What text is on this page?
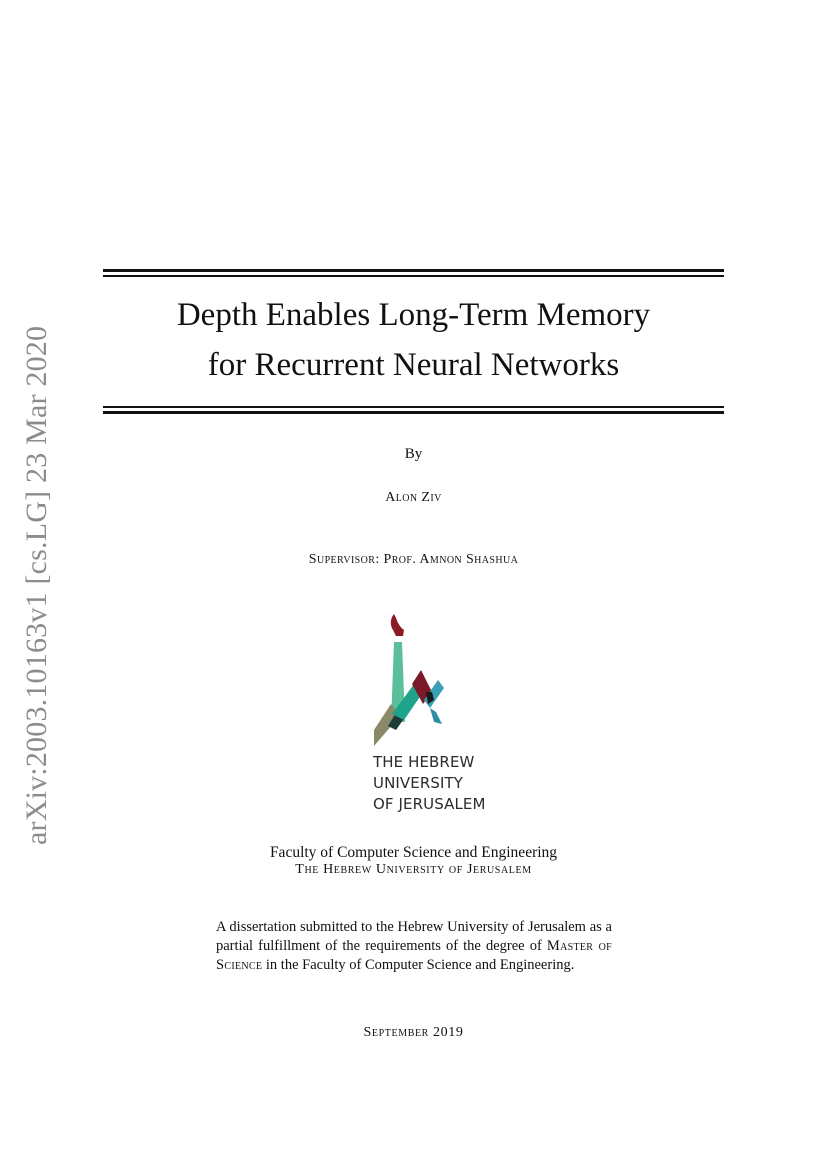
arXiv:2003.10163v1 [cs.LG] 23 Mar 2020
Depth Enables Long-Term Memory
for Recurrent Neural Networks
By
Alon Ziv
Supervisor: Prof. Amnon Shashua
THE HEBREW
UNIVERSITY
OF JERUSALEM
Faculty of Computer Science and Engineering
The Hebrew University of Jerusalem
A dissertation submitted to the Hebrew University of Jerusalem as a partial fulfillment of the requirements of the degree of Master of Science in the Faculty of Computer Science and Engineering.
September 2019
